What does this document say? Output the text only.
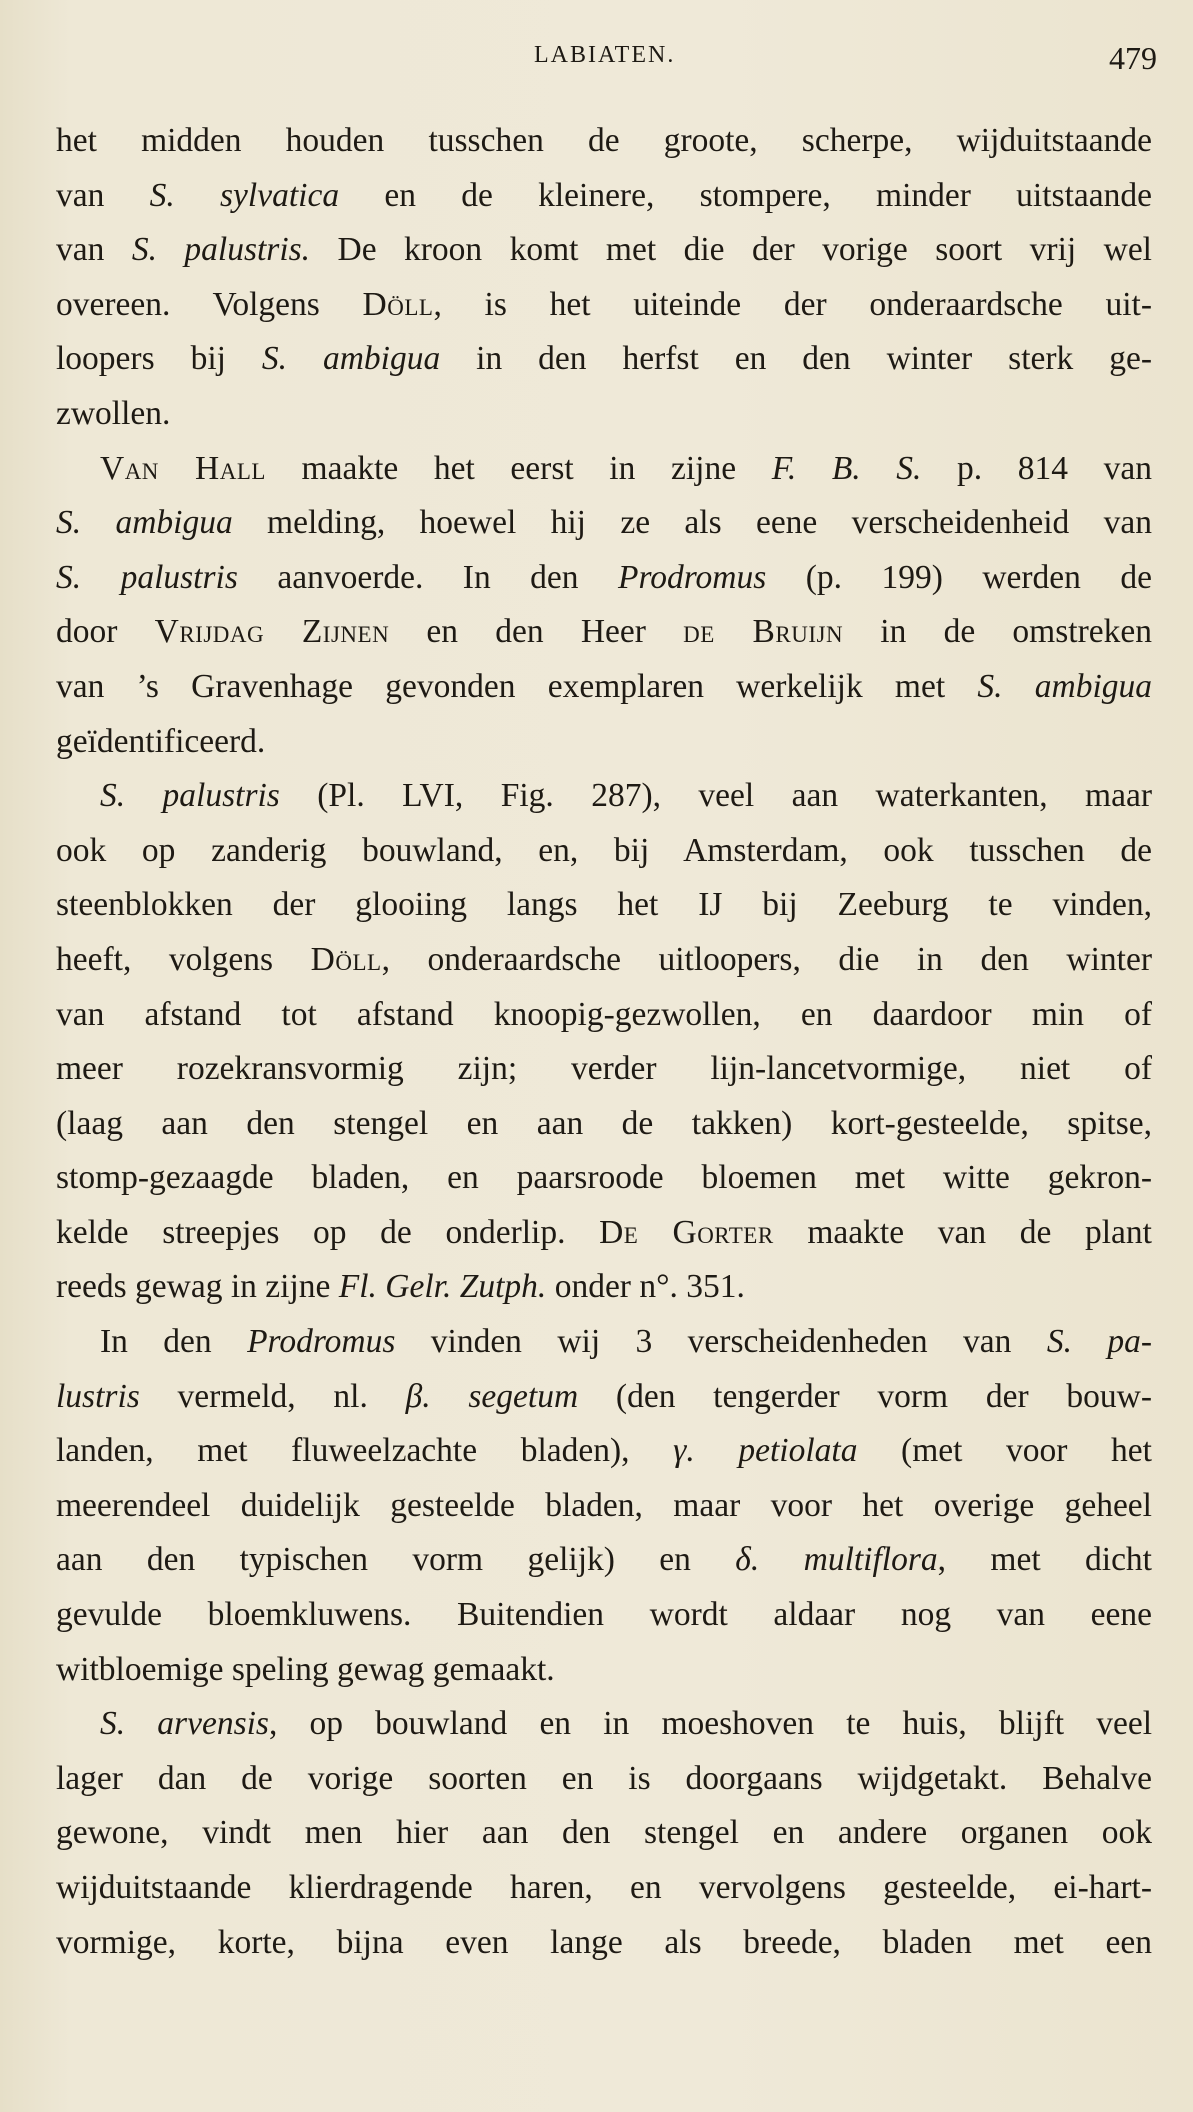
LABIATEN.	479
het midden houden tusschen de groote, scherpe, wijduitstaande
van S. sylvatica en de kleinere, stompere, minder uitstaande
van S. palustris. De kroon komt met die der vorige soort vrij wel
overeen. Volgens Döll, is het uiteinde der onderaardsche uit-
loopers bij S. ambigua in den herfst en den winter sterk ge-
zwollen.
Van Hall maakte het eerst in zijne F. B. S. p. 814 van
S. ambigua melding, hoewel hij ze als eene verscheidenheid van
S. palustris aanvoerde. In den Prodromus (p. 199) werden de
door Vrijdag Zijnen en den Heer de Bruijn in de omstreken
van ’s Gravenhage gevonden exemplaren werkelijk met S. ambigua
geïdentificeerd.
S. palustris (Pl. LVI, Fig. 287), veel aan waterkanten, maar
ook op zanderig bouwland, en, bij Amsterdam, ook tusschen de
steenblokken der glooiing langs het IJ bij Zeeburg te vinden,
heeft, volgens Döll, onderaardsche uitloopers, die in den winter
van afstand tot afstand knoopig-gezwollen, en daardoor min of
meer rozekransvormig zijn; verder lijn-lancetvormige, niet of
(laag aan den stengel en aan de takken) kort-gesteelde, spitse,
stomp-gezaagde bladen, en paarsroode bloemen met witte gekron-
kelde streepjes op de onderlip. De Gorter maakte van de plant
reeds gewag in zijne Fl. Gelr. Zutph. onder n°. 351.
In den Prodromus vinden wij 3 verscheidenheden van S. pa-
lustris vermeld, nl. β. segetum (den tengerder vorm der bouw-
landen, met fluweelzachte bladen), γ. petiolata (met voor het
meerendeel duidelijk gesteelde bladen, maar voor het overige geheel
aan den typischen vorm gelijk) en δ. multiflora, met dicht
gevulde bloemkluwens. Buitendien wordt aldaar nog van eene
witbloemige speling gewag gemaakt.
S. arvensis, op bouwland en in moeshoven te huis, blijft veel
lager dan de vorige soorten en is doorgaans wijdgetakt. Behalve
gewone, vindt men hier aan den stengel en andere organen ook
wijduitstaande klierdragende haren, en vervolgens gesteelde, ei-hart-
vormige, korte, bijna even lange als breede, bladen met een
